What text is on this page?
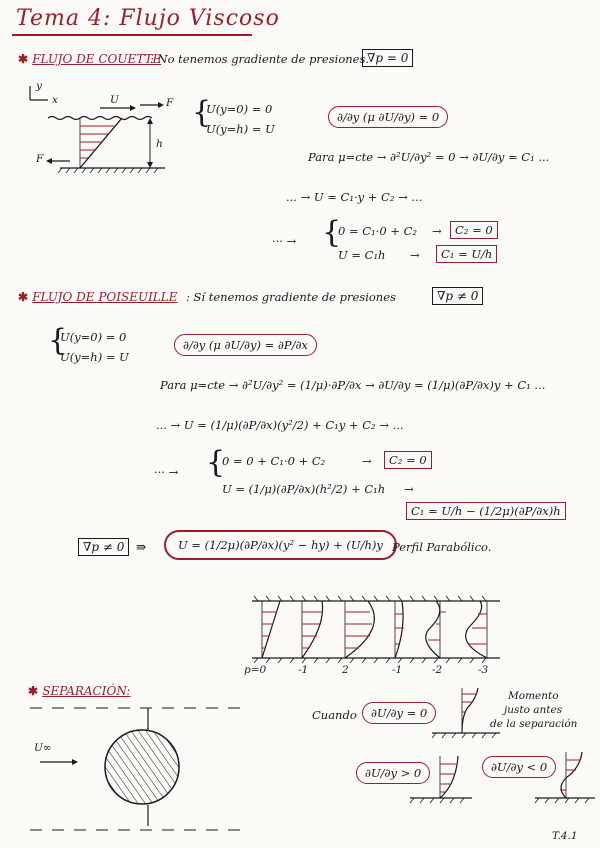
Tema 4: Flujo Viscoso
✱ FLUJO DE COUETTE
: No tenemos gradiente de presiones.
∇p = 0
y
x	U	F
F
h
{
U(y=0) = 0
U(y=h) = U
∂/∂y (μ ∂U/∂y) = 0
Para μ=cte → ∂²U/∂y² = 0 → ∂U/∂y = C₁ ...
... → U = C₁·y + C₂ → ...
··· → {
0 = C₁·0 + C₂
U = C₁h
→
→
C₂ = 0
C₁ = U/h
✱ FLUJO DE POISEUILLE : Sí tenemos gradiente de presiones	∇p ≠ 0
{
U(y=0) = 0
U(y=h) = U
∂/∂y (μ ∂U/∂y) = ∂P/∂x
Para μ=cte → ∂²U/∂y² = (1/μ)·∂P/∂x → ∂U/∂y = (1/μ)(∂P/∂x)y + C₁ ...
... → U = (1/μ)(∂P/∂x)(y²/2) + C₁y + C₂ → ...
··· → {
0 = 0 + C₁·0 + C₂
U = (1/μ)(∂P/∂x)(h²/2) + C₁h
→
→
C₂ = 0
C₁ = U/h − (1/2μ)(∂P/∂x)h
∇p ≠ 0 ⇛	U = (1/2μ)(∂P/∂x)(y² − hy) + (U/h)y Perfil Parabólico.
p=0	-1	2	-1	-2	-3
✱ SEPARACIÓN:
U∞
Cuando	∂U/∂y = 0
Momento
justo antes
de la separación
∂U/∂y > 0	∂U/∂y < 0
T.4.1
